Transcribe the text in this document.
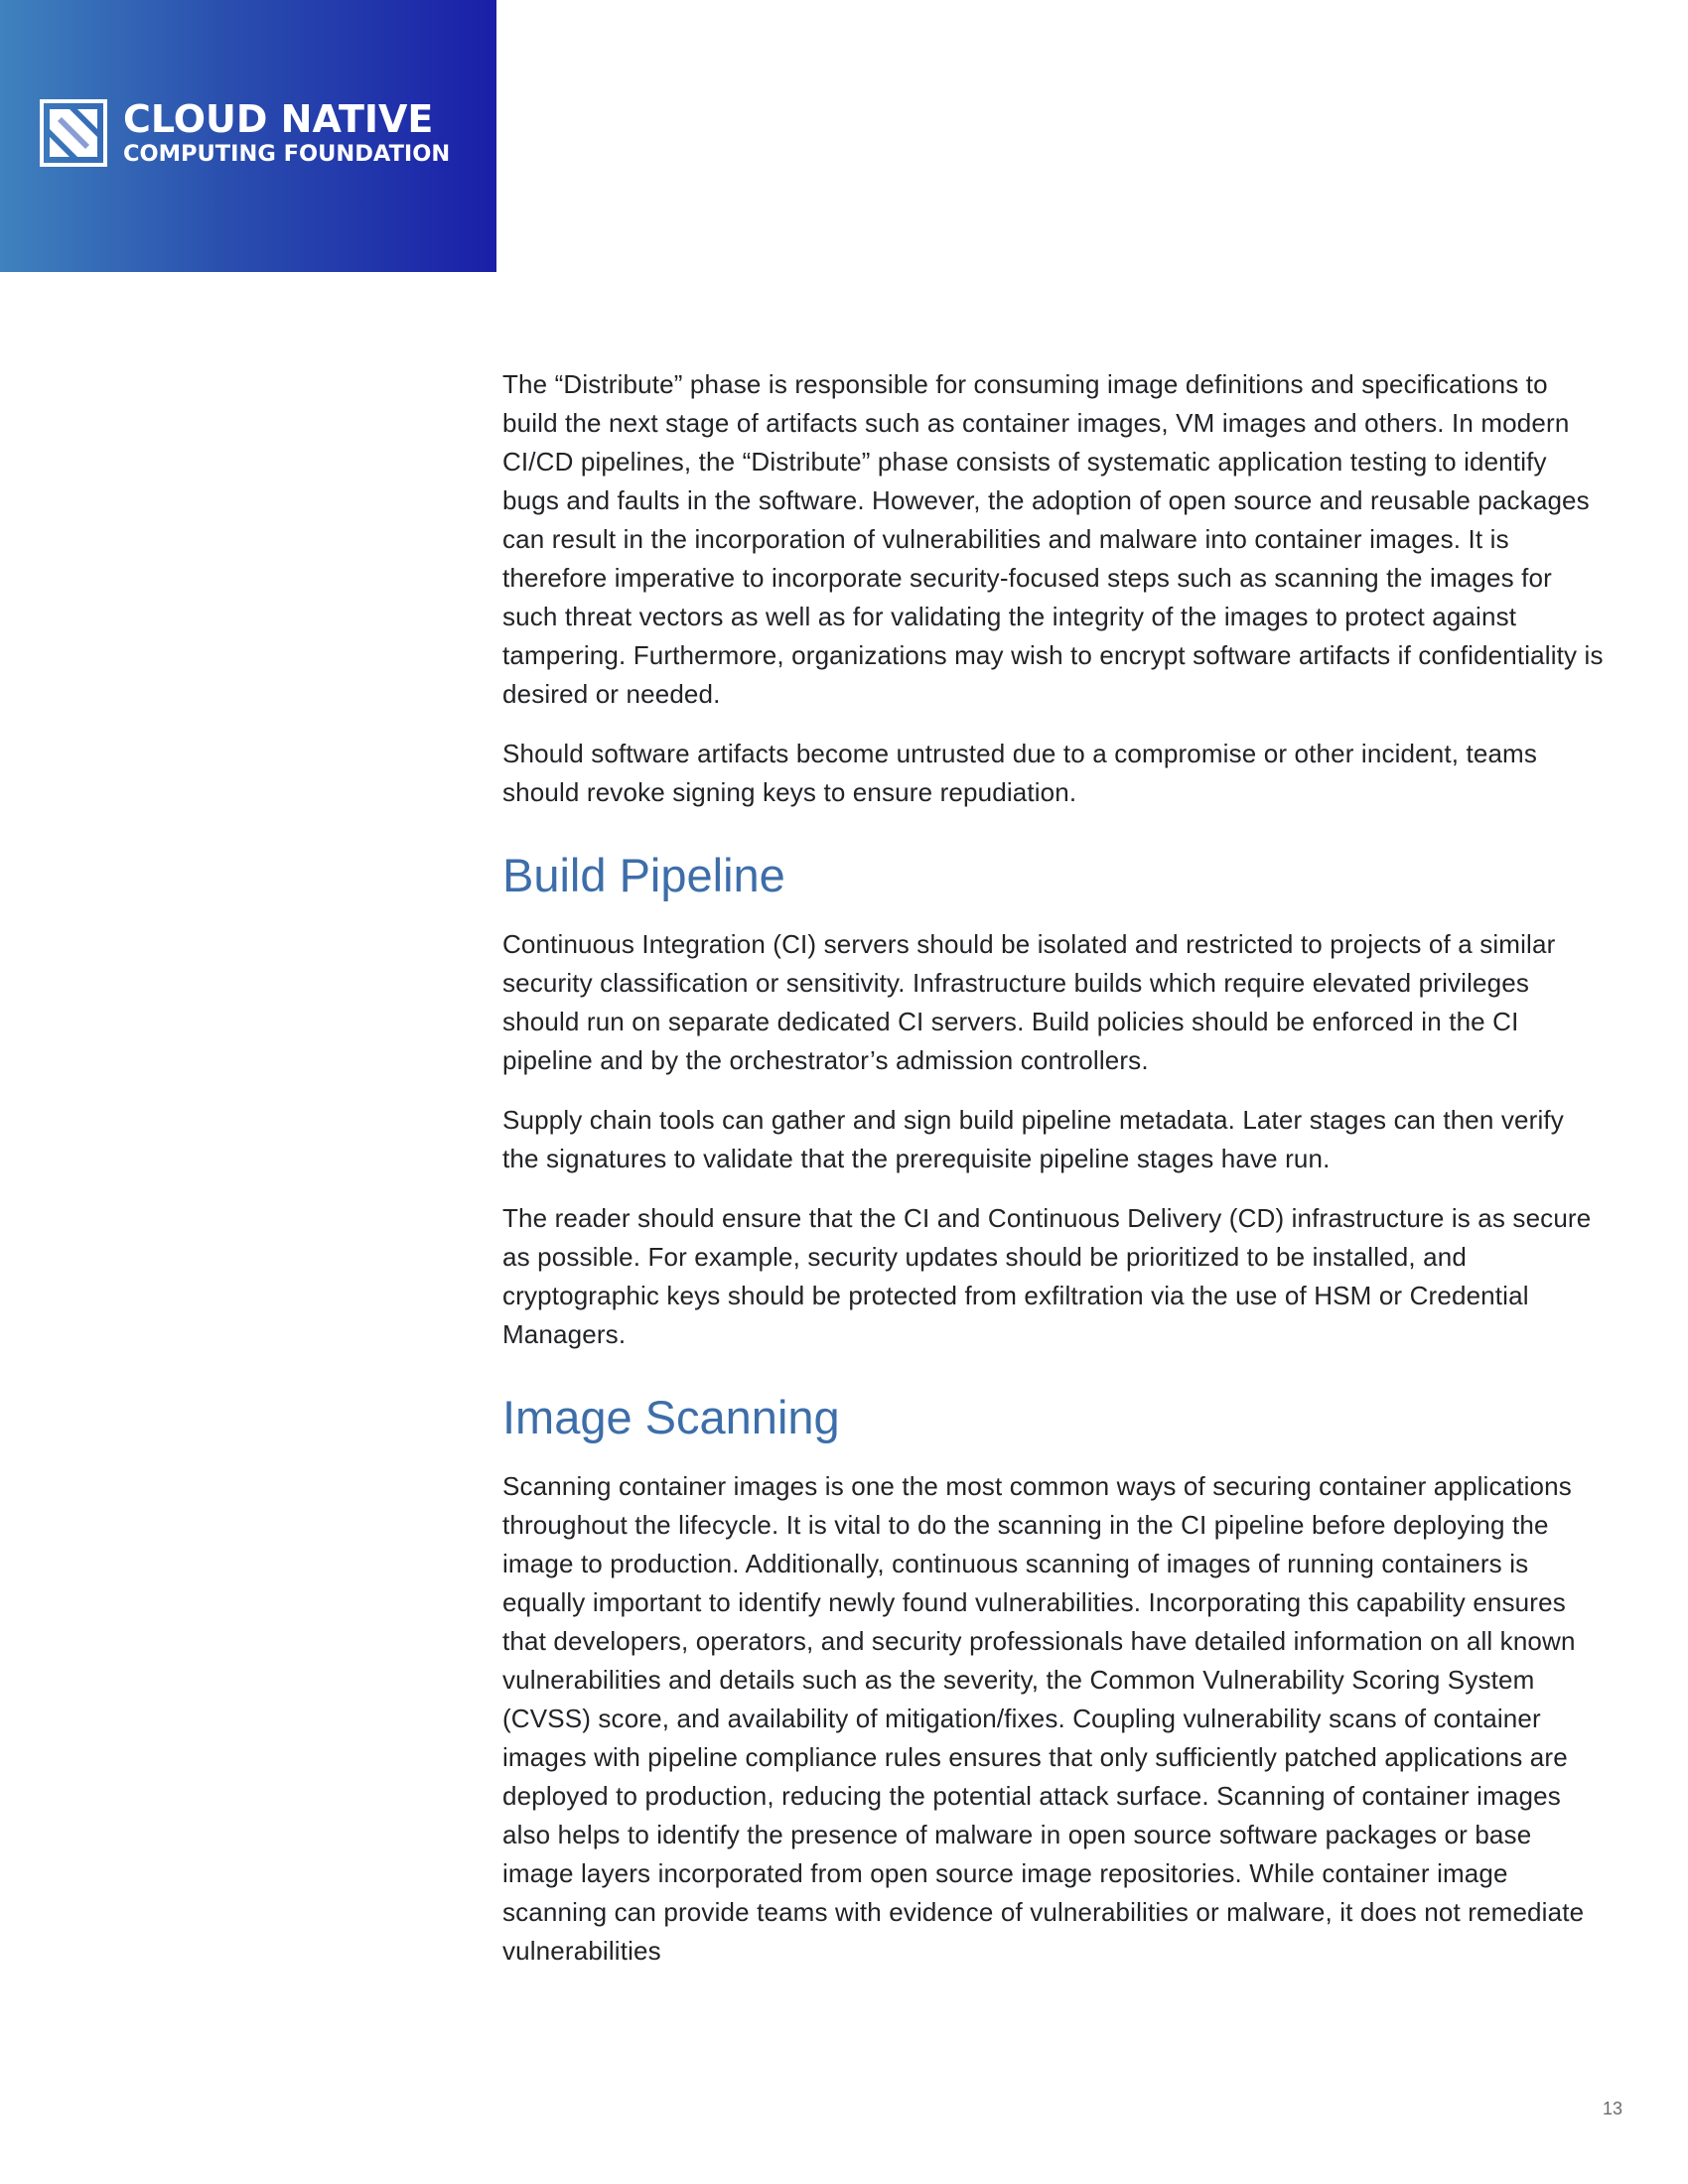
CLOUD NATIVE
COMPUTING FOUNDATION

The “Distribute” phase is responsible for consuming image definitions and specifications to build the next stage of artifacts such as container images, VM images and others. In modern CI/CD pipelines, the “Distribute” phase consists of systematic application testing to identify bugs and faults in the software. However, the adoption of open source and reusable packages can result in the incorporation of vulnerabilities and malware into container images. It is therefore imperative to incorporate security-focused steps such as scanning the images for such threat vectors as well as for validating the integrity of the images to protect against tampering. Furthermore, organizations may wish to encrypt software artifacts if confidentiality is desired or needed.

Should software artifacts become untrusted due to a compromise or other incident, teams should revoke signing keys to ensure repudiation.

Build Pipeline

Continuous Integration (CI) servers should be isolated and restricted to projects of a similar security classification or sensitivity. Infrastructure builds which require elevated privileges should run on separate dedicated CI servers. Build policies should be enforced in the CI pipeline and by the orchestrator’s admission controllers.

Supply chain tools can gather and sign build pipeline metadata. Later stages can then verify the signatures to validate that the prerequisite pipeline stages have run.

The reader should ensure that the CI and Continuous Delivery (CD) infrastructure is as secure as possible. For example, security updates should be prioritized to be installed, and cryptographic keys should be protected from exfiltration via the use of HSM or Credential Managers.

Image Scanning

Scanning container images is one the most common ways of securing container applications throughout the lifecycle. It is vital to do the scanning in the CI pipeline before deploying the image to production. Additionally, continuous scanning of images of running containers is equally important to identify newly found vulnerabilities. Incorporating this capability ensures that developers, operators, and security professionals have detailed information on all known vulnerabilities and details such as the severity, the Common Vulnerability Scoring System (CVSS) score, and availability of mitigation/fixes. Coupling vulnerability scans of container images with pipeline compliance rules ensures that only sufficiently patched applications are deployed to production, reducing the potential attack surface. Scanning of container images also helps to identify the presence of malware in open source software packages or base image layers incorporated from open source image repositories. While container image scanning can provide teams with evidence of vulnerabilities or malware, it does not remediate vulnerabilities

13
